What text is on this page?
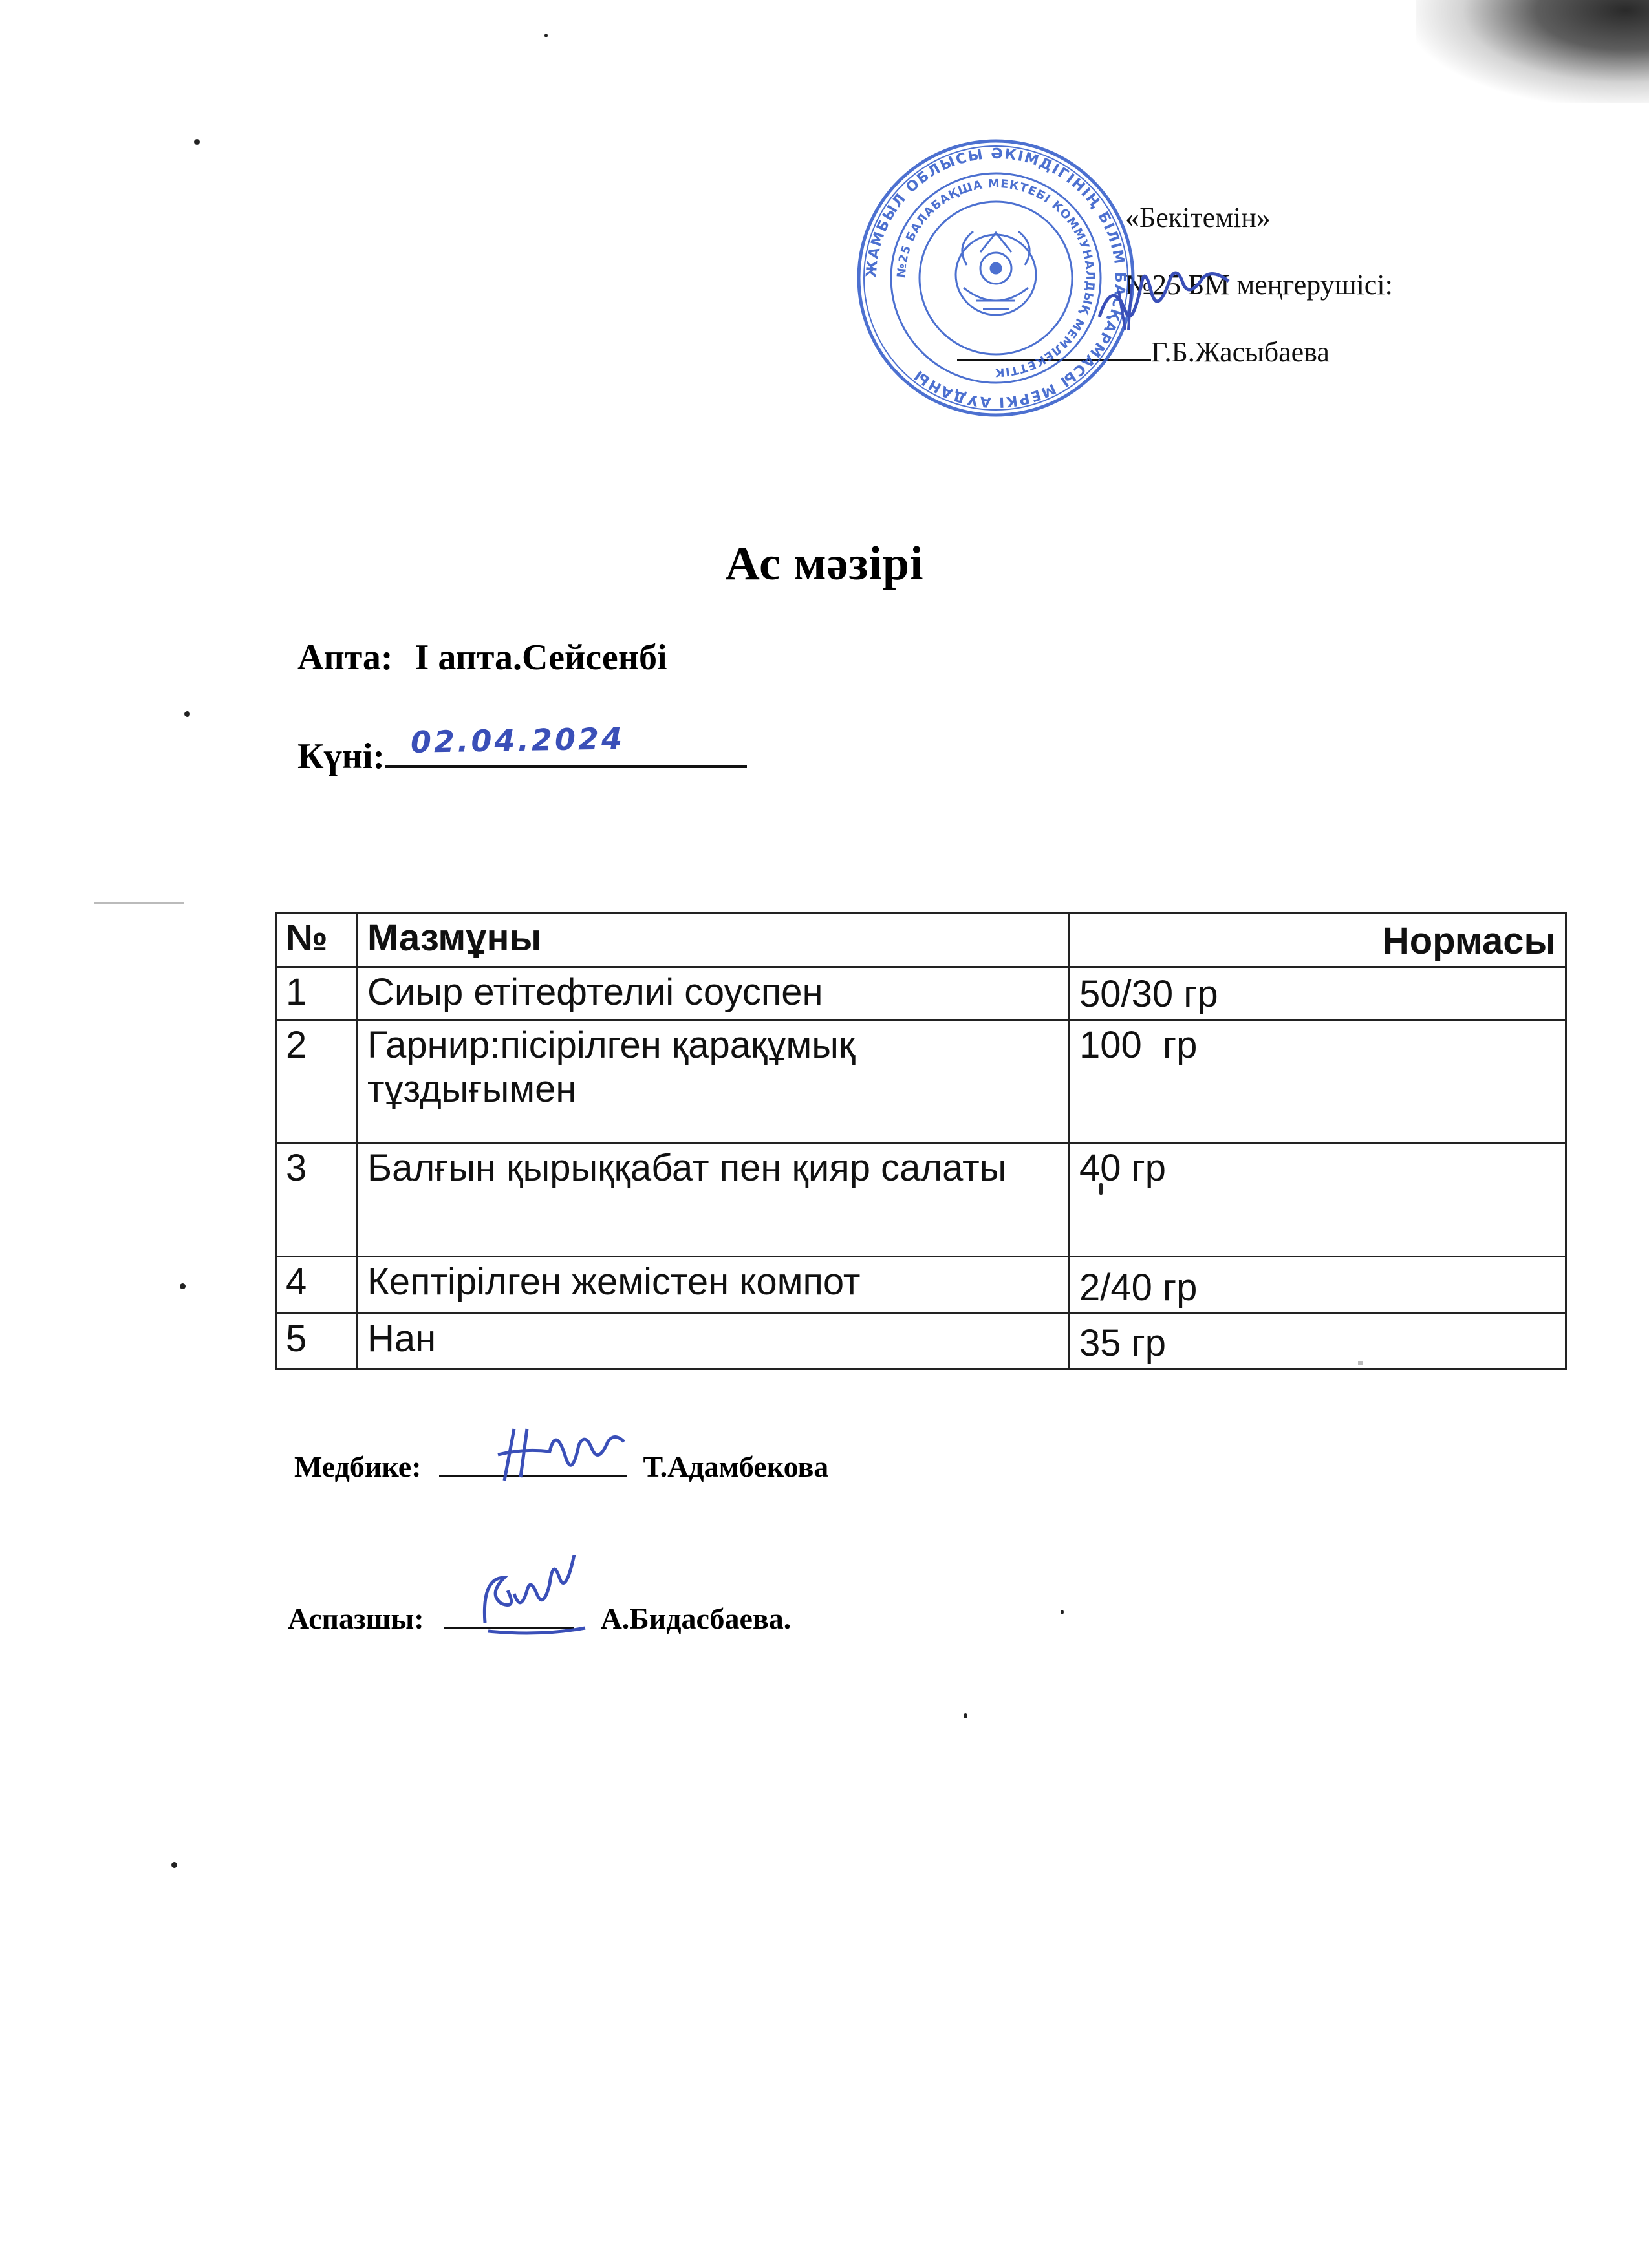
«Бекітемін»
№25 БМ меңгерушісі:
Г.Б.Жасыбаева
ЖАМБЫЛ ОБЛЫСЫ ӘКІМДІГІНІҢ БІЛІМ БАСҚАРМАСЫ МЕРКІ АУДАНЫ
№25 БАЛАБАҚША МЕКТЕБІ КОММУНАЛДЫҚ МЕМЛЕКЕТТІК
Ас мәзірі
Апта: І апта.Сейсенбі
Күні: 02.04.2024
№	Мазмұны	Нормасы
1	Сиыр етітефтелиі соуспен	50/30 гр
2	Гарнир:пісірілген қарақұмық тұздығымен	100  гр
3	Балғын қырыққабат пен қияр салаты	40 гр
4	Кептірілген жемістен компот	2/40 гр
5	Нан	35 гр
Медбике:	Т.Адамбекова
Аспазшы:	А.Бидасбаева.
